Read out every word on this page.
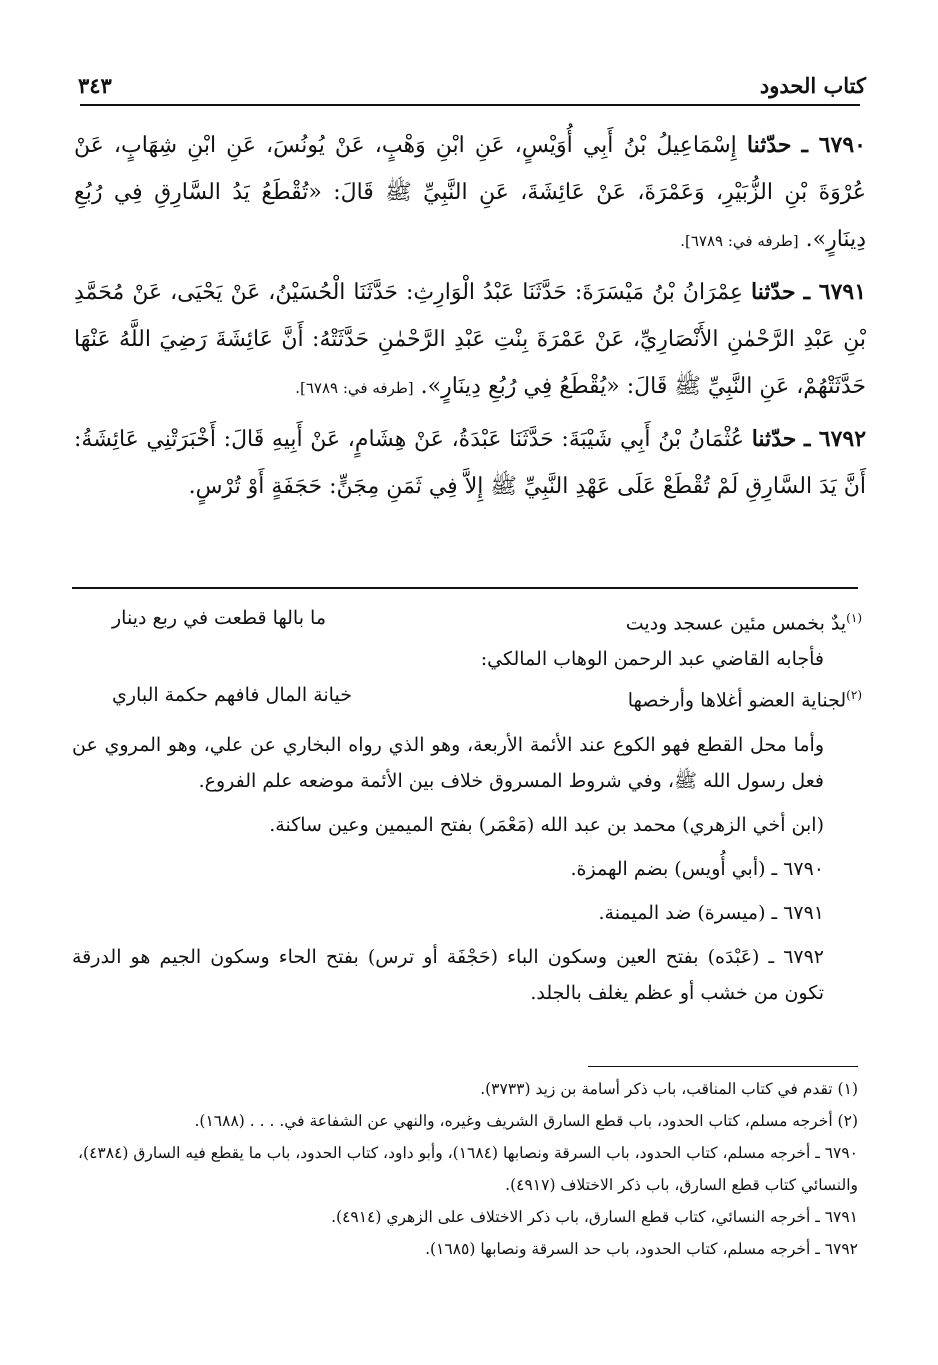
كتاب الحدود
٣٤٣

٦٧٩٠ ـ حدّثنا إِسْمَاعِيلُ بْنُ أَبِي أُوَيْسٍ، عَنِ ابْنِ وَهْبٍ، عَنْ يُونُسَ، عَنِ ابْنِ شِهَابٍ، عَنْ عُرْوَةَ بْنِ الزُّبَيْرِ، وَعَمْرَةَ، عَنْ عَائِشَةَ، عَنِ النَّبِيِّ ﷺ قَالَ: «تُقْطَعُ يَدُ السَّارِقِ فِي رُبُعِ دِينَارٍ». [طرفه في: ٦٧٨٩].

٦٧٩١ ـ حدّثنا عِمْرَانُ بْنُ مَيْسَرَةَ: حَدَّثَنَا عَبْدُ الْوَارِثِ: حَدَّثَنَا الْحُسَيْنُ، عَنْ يَحْيَى، عَنْ مُحَمَّدِ بْنِ عَبْدِ الرَّحْمٰنِ الأَنْصَارِيِّ، عَنْ عَمْرَةَ بِنْتِ عَبْدِ الرَّحْمٰنِ حَدَّثَتْهُ: أَنَّ عَائِشَةَ رَضِيَ اللَّهُ عَنْهَا حَدَّثَتْهُمْ، عَنِ النَّبِيِّ ﷺ قَالَ: «يُقْطَعُ فِي رُبُعِ دِينَارٍ». [طرفه في: ٦٧٨٩].

٦٧٩٢ ـ حدّثنا عُثْمَانُ بْنُ أَبِي شَيْبَةَ: حَدَّثَنَا عَبْدَةُ، عَنْ هِشَامٍ، عَنْ أَبِيهِ قَالَ: أَخْبَرَتْنِي عَائِشَةُ: أَنَّ يَدَ السَّارِقِ لَمْ تُقْطَعْ عَلَى عَهْدِ النَّبِيِّ ﷺ إِلاَّ فِي ثَمَنِ مِجَنٍّ: حَجَفَةٍ أَوْ تُرْسٍ.

$^{(١)}$يدٌ بخمس مئين عسجد وديت
ما بالها قطعت في ربع دينار

فأجابه القاضي عبد الرحمن الوهاب المالكي:

$^{(٢)}$لجناية العضو أغلاها وأرخصها
خيانة المال فافهم حكمة الباري

وأما محل القطع فهو الكوع عند الأئمة الأربعة، وهو الذي رواه البخاري عن علي، وهو المروي عن فعل رسول الله ﷺ، وفي شروط المسروق خلاف بين الأئمة موضعه علم الفروع.

(ابن أخي الزهري) محمد بن عبد الله (مَعْمَر) بفتح الميمين وعين ساكنة.

٦٧٩٠ ـ (أبي أُويس) بضم الهمزة.

٦٧٩١ ـ (ميسرة) ضد الميمنة.

٦٧٩٢ ـ (عَبْدَه) بفتح العين وسكون الباء (حَجْفَة أو ترس) بفتح الحاء وسكون الجيم هو الدرقة تكون من خشب أو عظم يغلف بالجلد.

(١) تقدم في كتاب المناقب، باب ذكر أسامة بن زيد (٣٧٣٣).

(٢) أخرجه مسلم، كتاب الحدود، باب قطع السارق الشريف وغيره، والنهي عن الشفاعة في. . . . (١٦٨٨).

٦٧٩٠ ـ أخرجه مسلم، كتاب الحدود، باب السرقة ونصابها (١٦٨٤)، وأبو داود، كتاب الحدود، باب ما يقطع فيه السارق (٤٣٨٤)، والنسائي كتاب قطع السارق، باب ذكر الاختلاف (٤٩١٧).

٦٧٩١ ـ أخرجه النسائي، كتاب قطع السارق، باب ذكر الاختلاف على الزهري (٤٩١٤).

٦٧٩٢ ـ أخرجه مسلم، كتاب الحدود، باب حد السرقة ونصابها (١٦٨٥).
